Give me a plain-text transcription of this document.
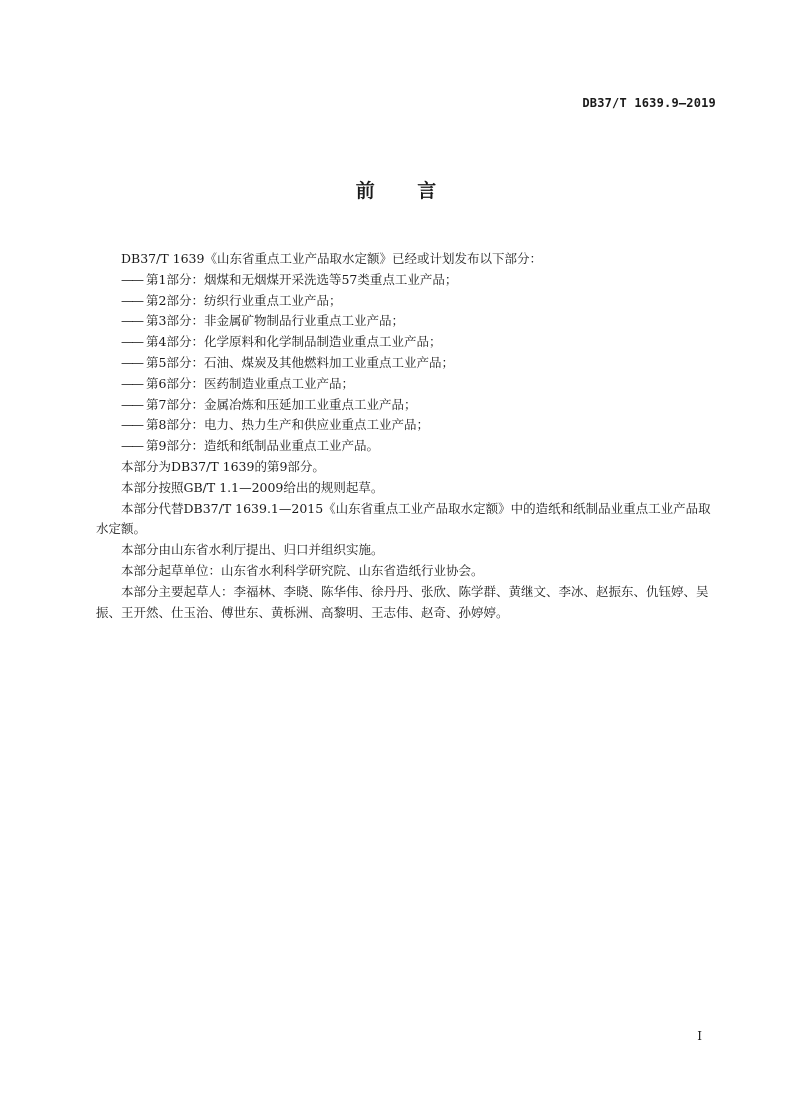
DB37/T 1639.9—2019
前 言

DB37/T 1639《山东省重点工业产品取水定额》已经或计划发布以下部分：

—— 第1部分：烟煤和无烟煤开采洗选等57类重点工业产品；

—— 第2部分：纺织行业重点工业产品；

—— 第3部分：非金属矿物制品行业重点工业产品；

—— 第4部分：化学原料和化学制品制造业重点工业产品；

—— 第5部分：石油、煤炭及其他燃料加工业重点工业产品；

—— 第6部分：医药制造业重点工业产品；

—— 第7部分：金属冶炼和压延加工业重点工业产品；

—— 第8部分：电力、热力生产和供应业重点工业产品；

—— 第9部分：造纸和纸制品业重点工业产品。

本部分为DB37/T 1639的第9部分。

本部分按照GB/T 1.1—2009给出的规则起草。

本部分代替DB37/T 1639.1—2015《山东省重点工业产品取水定额》中的造纸和纸制品业重点工业产品取水定额。

本部分由山东省水利厅提出、归口并组织实施。

本部分起草单位：山东省水利科学研究院、山东省造纸行业协会。

本部分主要起草人：李福林、李晓、陈华伟、徐丹丹、张欣、陈学群、黄继文、李冰、赵振东、仇钰婷、吴振、王开然、仕玉治、傅世东、黄栎洲、高黎明、王志伟、赵奇、孙婷婷。

I
